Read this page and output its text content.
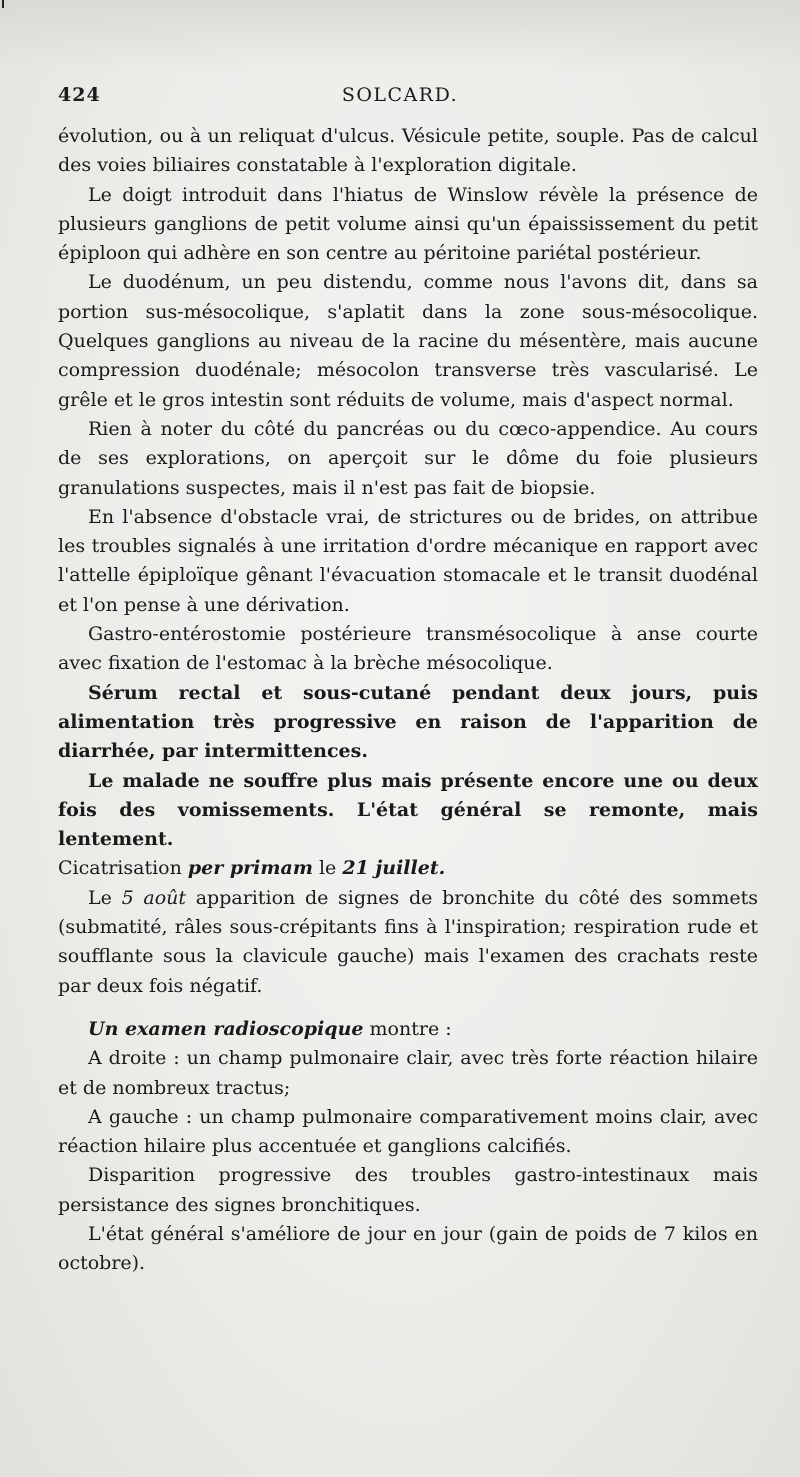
424	SOLCARD.

évolution, ou à un reliquat d'ulcus. Vésicule petite, souple. Pas de calcul des voies biliaires constatable à l'exploration digitale.

Le doigt introduit dans l'hiatus de Winslow révèle la présence de plusieurs ganglions de petit volume ainsi qu'un épaississement du petit épiploon qui adhère en son centre au péritoine pariétal postérieur.

Le duodénum, un peu distendu, comme nous l'avons dit, dans sa portion sus-mésocolique, s'aplatit dans la zone sous-mésocolique. Quelques ganglions au niveau de la racine du mésentère, mais aucune compression duodénale; mésocolon transverse très vascularisé. Le grêle et le gros intestin sont réduits de volume, mais d'aspect normal.

Rien à noter du côté du pancréas ou du cœco-appendice. Au cours de ses explorations, on aperçoit sur le dôme du foie plusieurs granulations suspectes, mais il n'est pas fait de biopsie.

En l'absence d'obstacle vrai, de strictures ou de brides, on attribue les troubles signalés à une irritation d'ordre mécanique en rapport avec l'attelle épiploïque gênant l'évacuation stomacale et le transit duodénal et l'on pense à une dérivation.

Gastro-entérostomie postérieure transmésocolique à anse courte avec fixation de l'estomac à la brèche mésocolique.

Sérum rectal et sous-cutané pendant deux jours, puis alimentation très progressive en raison de l'apparition de diarrhée, par intermittences.

Le malade ne souffre plus mais présente encore une ou deux fois des vomissements. L'état général se remonte, mais lentement.

Cicatrisation per primam le 21 juillet.

Le 5 août apparition de signes de bronchite du côté des sommets (submatité, râles sous-crépitants fins à l'inspiration; respiration rude et soufflante sous la clavicule gauche) mais l'examen des crachats reste par deux fois négatif.

Un examen radioscopique montre :

A droite : un champ pulmonaire clair, avec très forte réaction hilaire et de nombreux tractus;

A gauche : un champ pulmonaire comparativement moins clair, avec réaction hilaire plus accentuée et ganglions calcifiés.

Disparition progressive des troubles gastro-intestinaux mais persistance des signes bronchitiques.

L'état général s'améliore de jour en jour (gain de poids de 7 kilos en octobre).
